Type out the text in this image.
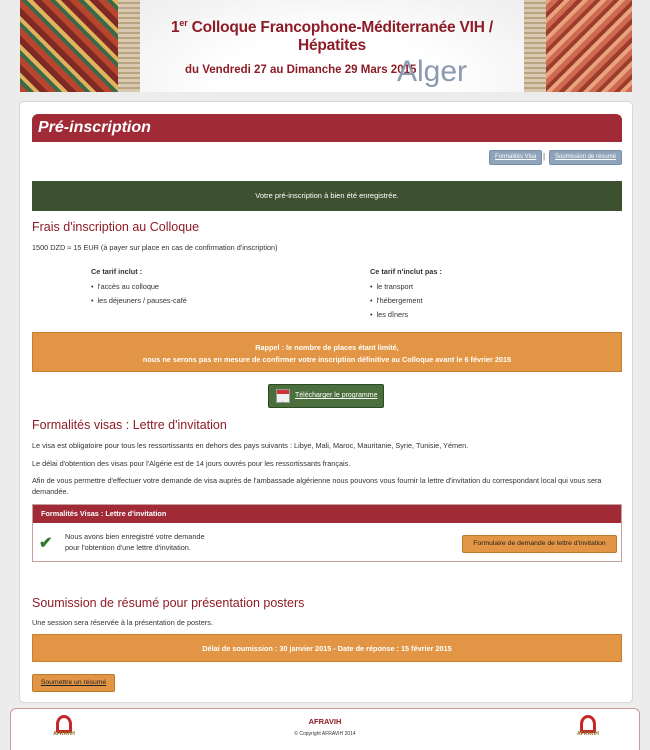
1er Colloque Francophone-Méditerranée VIH / Hépatites
du Vendredi 27 au Dimanche 29 Mars 2015
Alger
Pré-inscription
Formalités Visa |	Soumission de résumé
Votre pré-inscription à bien été enregistrée.
Frais d'inscription au Colloque
1500 DZD ≈ 15 EUR (à payer sur place en cas de confirmation d'inscription)
Ce tarif inclut :
• l'accès au colloque
• les déjeuners / pauses-café
Ce tarif n'inclut pas :
• le transport
• l'hébergement
• les dîners
Rappel : le nombre de places étant limité,
nous ne serons pas en mesure de confirmer votre inscription définitive au Colloque avant le 6 février 2015
↓
Télécharger le programme
Formalités visas : Lettre d'invitation
Le visa est obligatoire pour tous les ressortissants en dehors des pays suivants : Libye, Mali, Maroc, Mauritanie, Syrie, Tunisie, Yémen.
Le délai d'obtention des visas pour l'Algérie est de 14 jours ouvrés pour les ressortissants français.
Afin de vous permettre d'effectuer votre demande de visa auprès de l'ambassade algérienne nous pouvons vous fournir la lettre d'invitation du correspondant local qui vous sera demandée.
Formalités Visas : Lettre d'invitation
✔ Nous avons bien enregistré votre demande
pour l'obtention d'une lettre d'invitation.	Formulaire de demande de lettre d'invitation
Soumission de résumé pour présentation posters
Une session sera réservée à la présentation de posters.
Délai de soumission : 30 janvier 2015 - Date de réponse : 15 février 2015
Soumettre un résumé
AFRAVIH
AFRAVIH
© Copyright AFRAVIH 2014	AFRAVIH
